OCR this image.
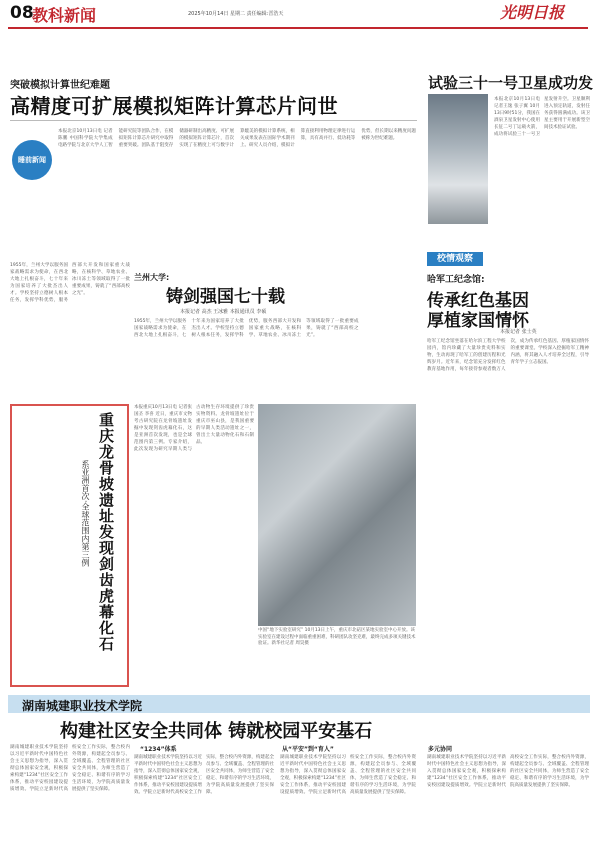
08
教科新闻	2025年10月14日 星期二 责任编辑:晋浩天	光明日报
突破模拟计算世纪难题
高精度可扩展模拟矩阵计算芯片问世
睡前新闻
本报北京10月13日电 记者陈鹏 中国科学院大学集成电路学院与北京大学人工智能研究院等团队合作，在模拟矩阵计算芯片研究中取得重要突破。团队基于阻变存储器研制出高精度、可扩展的模拟矩阵计算芯片，首次实现了在精度上可与数字计算媲美的模拟计算系统，相关成果发表在国际学术期刊上。研究人员介绍，模拟计算直接利用物理定律进行运算，具有高并行、低功耗等优势，但长期以来精度问题被称为世纪难题。
试验三十一号卫星成功发
本报北京10月13日电 记者王逸 张子翼 10月13日9时51分，我国在酒泉卫星发射中心使用长征二号丁运载火箭，成功将试验三十一号卫星发射升空。卫星顺利进入预定轨道，发射任务获得圆满成功。该卫星主要用于开展新型空间技术验证试验。
1955年，兰州大学以服务国家战略需求为使命，在西北大地上扎根奋斗，七十年来为国家培养了大批杰出人才。学校坚持立德树人根本任务，发挥学科优势，服务西部大开发和国家重大战略，在核科学、草地农业、冰川冻土等领域取得了一批重要成果，铸就了“西部高校之光”。
兰州大学:
铸剑强国七十载
本报记者 高杰 王冰雅 本报通讯员 李硕
1955年，兰州大学以服务国家战略需求为使命，在西北大地上扎根奋斗，七十年来为国家培养了大批杰出人才。学校坚持立德树人根本任务，发挥学科优势，服务西部大开发和国家重大战略，在核科学、草地农业、冰川冻土等领域取得了一批重要成果，铸就了“西部高校之光”。
重庆龙骨坡遗址发现剑齿虎幕化石
系亚洲首次·全球范围内第三例
本报重庆10月13日电 记者张国圣 李喜 近日，重庆市文物考古研究院在龙骨坡遗址发掘中发现剑齿虎幕化石，这是亚洲首次发现，也是全球范围内第三例。专家介绍，此次发现为研究早期人类与古动物生存环境提供了珍贵实物资料。龙骨坡遗址位于重庆市巫山县，是我国重要的早期人类活动遗址之一，曾出土大量动物化石和石制品。
中国“地下实验室研究” 10月13日上午，重庆市北碚区某地实验室中心开放。该实验室在建设过程中面临重重困难，科研团队攻坚克难，最终完成多项关键技术验证。新华社记者 周昊摄
校情观察
哈军工纪念馆:
传承红色基因
厚植家国情怀
本报记者 张士英
哈军工纪念馆坐落在哈尔滨工程大学校园内，馆内珍藏了大量珍贵史料和实物，生动再现了哈军工的创建历程和光辉岁月。近年来，纪念馆充分发挥红色教育基地作用，每年接待参观者数万人次，成为传承红色基因、厚植家国情怀的重要课堂。学校深入挖掘哈军工精神内涵，将其融入人才培养全过程，引导青年学子立志报国。
湖南城建职业技术学院
构建社区安全共同体 铸就校园平安基石
湖南城建职业技术学院坚持以习近平新时代中国特色社会主义思想为指导，深入贯彻总体国家安全观，积极探索构建“1234”社区安全工作体系，推动平安校园建设提质增效。学院立足新时代高校安全工作实际，整合校内外资源，构建起全员参与、全域覆盖、全程管理的社区安全共同体，为师生营造了安全稳定、和谐有序的学习生活环境，为学院高质量发展提供了坚实保障。
“1234”体系
湖南城建职业技术学院坚持以习近平新时代中国特色社会主义思想为指导，深入贯彻总体国家安全观，积极探索构建“1234”社区安全工作体系，推动平安校园建设提质增效。学院立足新时代高校安全工作实际，整合校内外资源，构建起全员参与、全域覆盖、全程管理的社区安全共同体，为师生营造了安全稳定、和谐有序的学习生活环境，为学院高质量发展提供了坚实保障。
从“平安”到“育人”
湖南城建职业技术学院坚持以习近平新时代中国特色社会主义思想为指导，深入贯彻总体国家安全观，积极探索构建“1234”社区安全工作体系，推动平安校园建设提质增效。学院立足新时代高校安全工作实际，整合校内外资源，构建起全员参与、全域覆盖、全程管理的社区安全共同体，为师生营造了安全稳定、和谐有序的学习生活环境，为学院高质量发展提供了坚实保障。
多元协同
湖南城建职业技术学院坚持以习近平新时代中国特色社会主义思想为指导，深入贯彻总体国家安全观，积极探索构建“1234”社区安全工作体系，推动平安校园建设提质增效。学院立足新时代高校安全工作实际，整合校内外资源，构建起全员参与、全域覆盖、全程管理的社区安全共同体，为师生营造了安全稳定、和谐有序的学习生活环境，为学院高质量发展提供了坚实保障。
